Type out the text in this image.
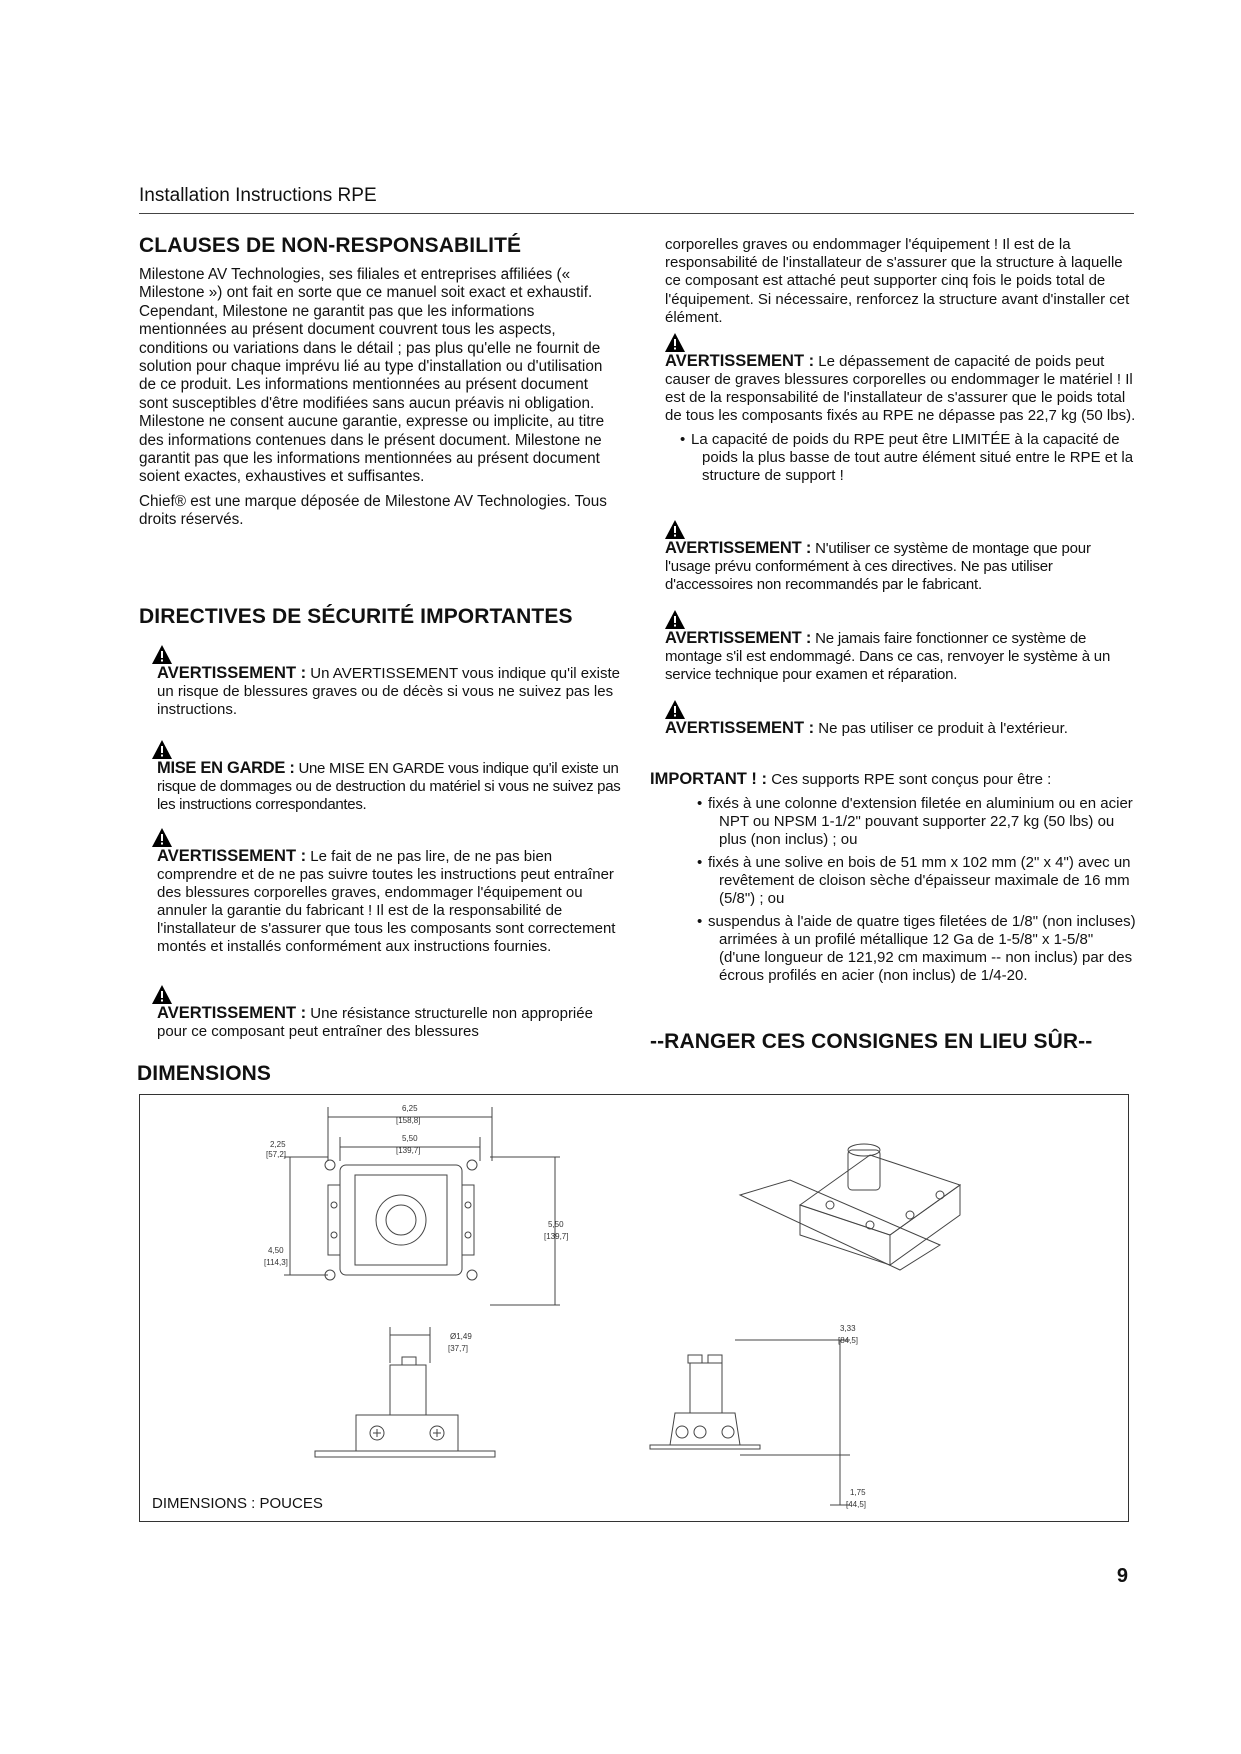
Installation Instructions RPE
CLAUSES DE NON-RESPONSABILITÉ

Milestone AV Technologies, ses filiales et entreprises affiliées (« Milestone ») ont fait en sorte que ce manuel soit exact et exhaustif. Cependant, Milestone ne garantit pas que les informations mentionnées au présent document couvrent tous les aspects, conditions ou variations dans le détail ; pas plus qu'elle ne fournit de solution pour chaque imprévu lié au type d'installation ou d'utilisation de ce produit. Les informations mentionnées au présent document sont susceptibles d'être modifiées sans aucun préavis ni obligation. Milestone ne consent aucune garantie, expresse ou implicite, au titre des informations contenues dans le présent document. Milestone ne garantit pas que les informations mentionnées au présent document soient exactes, exhaustives et suffisantes.

Chief® est une marque déposée de Milestone AV Technologies. Tous droits réservés.

DIRECTIVES DE SÉCURITÉ IMPORTANTES
AVERTISSEMENT : Un AVERTISSEMENT vous indique qu'il existe un risque de blessures graves ou de décès si vous ne suivez pas les instructions.
MISE EN GARDE : Une MISE EN GARDE vous indique qu'il existe un risque de dommages ou de destruction du matériel si vous ne suivez pas les instructions correspondantes.
AVERTISSEMENT : Le fait de ne pas lire, de ne pas bien comprendre et de ne pas suivre toutes les instructions peut entraîner des blessures corporelles graves, endommager l'équipement ou annuler la garantie du fabricant ! Il est de la responsabilité de l'installateur de s'assurer que tous les composants sont correctement montés et installés conformément aux instructions fournies.
AVERTISSEMENT : Une résistance structurelle non appropriée pour ce composant peut entraîner des blessures
corporelles graves ou endommager l'équipement ! Il est de la responsabilité de l'installateur de s'assurer que la structure à laquelle ce composant est attaché peut supporter cinq fois le poids total de l'équipement. Si nécessaire, renforcez la structure avant d'installer cet élément.
AVERTISSEMENT : Le dépassement de capacité de poids peut causer de graves blessures corporelles ou endommager le matériel ! Il est de la responsabilité de l'installateur de s'assurer que le poids total de tous les composants fixés au RPE ne dépasse pas 22,7 kg (50 lbs).
• La capacité de poids du RPE peut être LIMITÉE à la capacité de poids la plus basse de tout autre élément situé entre le RPE et la structure de support !
AVERTISSEMENT : N'utiliser ce système de montage que pour l'usage prévu conformément à ces directives. Ne pas utiliser d'accessoires non recommandés par le fabricant.
AVERTISSEMENT : Ne jamais faire fonctionner ce système de montage s'il est endommagé. Dans ce cas, renvoyer le système à un service technique pour examen et réparation.
AVERTISSEMENT : Ne pas utiliser ce produit à l'extérieur.
IMPORTANT ! : Ces supports RPE sont conçus pour être :
• fixés à une colonne d'extension filetée en aluminium ou en acier NPT ou NPSM 1-1/2" pouvant supporter 22,7 kg (50 lbs) ou plus (non inclus) ; ou
• fixés à une solive en bois de 51 mm x 102 mm (2" x 4") avec un revêtement de cloison sèche d'épaisseur maximale de 16 mm (5/8") ; ou
• suspendus à l'aide de quatre tiges filetées de 1/8" (non incluses) arrimées à un profilé métallique 12 Ga de 1-5/8" x 1-5/8" (d'une longueur de 121,92 cm maximum -- non inclus) par des écrous profilés en acier (non inclus) de 1/4-20.
--RANGER CES CONSIGNES EN LIEU SÛR--
DIMENSIONS
6,25
[158,8]
5,50
[139,7]
2,25
[57,2]
4,50
[114,3]
5,50
[139,7]
Ø1,49
[37,7]
3,33
[84,5]
1,75
[44,5]
DIMENSIONS : POUCES
9
